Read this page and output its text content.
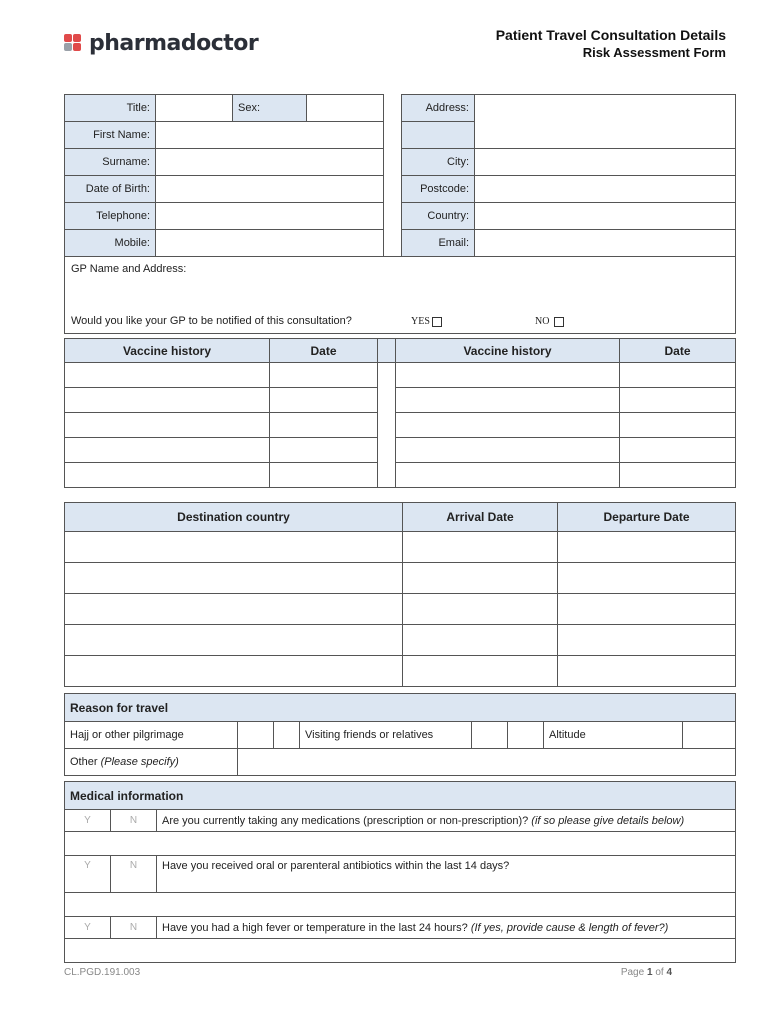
pharmadoctor	Patient Travel Consultation Details
Risk Assessment Form
Title:		Sex:			Address:	
First Name:						
Surname:					City:	
Date of Birth:					Postcode:	
Telephone:					Country:	
Mobile:					Email:	

GP Name and Address:
Would you like your GP to be notified of this consultation? YES NO						
Vaccine history	Date		Vaccine history	Date

Destination country	Arrival Date	Departure Date

Reason for travel							
Hajj or other pilgrimage			Visiting friends or relatives			Altitude	
Other (Please specify)							
Medical information		
Y	N	Are you currently taking any medications (prescription or non-prescription)? (if so please give details below)

Y	N	Have you received oral or parenteral antibiotics within the last 14 days?

Y	N	Have you had a high fever or temperature in the last 24 hours? (If yes, provide cause & length of fever?)

CL.PGD.191.003	Page 1 of 4
